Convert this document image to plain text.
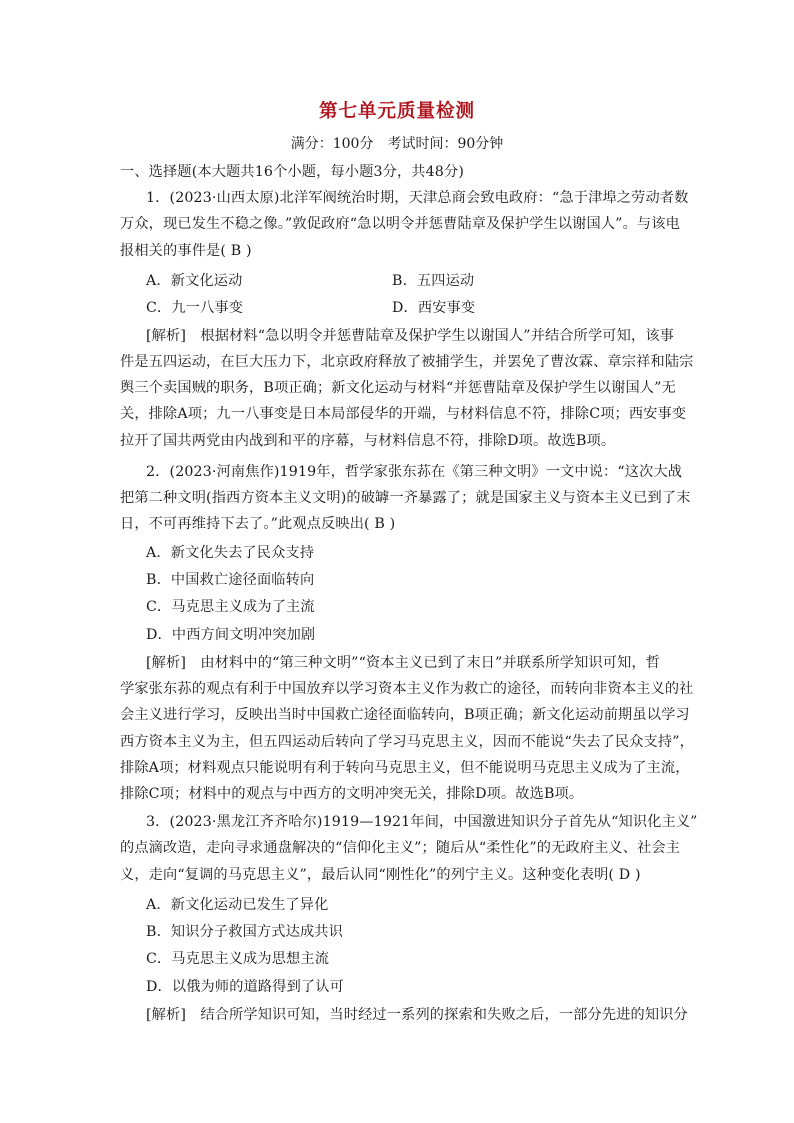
第七单元质量检测
满分：100分　考试时间：90分钟
一、选择题(本大题共16个小题，每小题3分，共48分)
1．(2023·山西太原)北洋军阀统治时期，天津总商会致电政府：“急于津埠之劳动者数
万众，现已发生不稳之像。”敦促政府“急以明令并惩曹陆章及保护学生以谢国人”。与该电
报相关的事件是( B )
A．新文化运动	B．五四运动
C．九一八事变	D．西安事变
[解析]　根据材料“急以明令并惩曹陆章及保护学生以谢国人”并结合所学可知，该事
件是五四运动，在巨大压力下，北京政府释放了被捕学生，并罢免了曹汝霖、章宗祥和陆宗
舆三个卖国贼的职务，B项正确；新文化运动与材料“并惩曹陆章及保护学生以谢国人”无
关，排除A项；九一八事变是日本局部侵华的开端，与材料信息不符，排除C项；西安事变
拉开了国共两党由内战到和平的序幕，与材料信息不符，排除D项。故选B项。
2．(2023·河南焦作)1919年，哲学家张东荪在《第三种文明》一文中说：“这次大战
把第二种文明(指西方资本主义文明)的破罅一齐暴露了；就是国家主义与资本主义已到了末
日，不可再维持下去了。”此观点反映出( B )
A．新文化失去了民众支持
B．中国救亡途径面临转向
C．马克思主义成为了主流
D．中西方间文明冲突加剧
[解析]　由材料中的“第三种文明”“资本主义已到了末日”并联系所学知识可知，哲
学家张东荪的观点有利于中国放弃以学习资本主义作为救亡的途径，而转向非资本主义的社
会主义进行学习，反映出当时中国救亡途径面临转向，B项正确；新文化运动前期虽以学习
西方资本主义为主，但五四运动后转向了学习马克思主义，因而不能说“失去了民众支持”，
排除A项；材料观点只能说明有利于转向马克思主义，但不能说明马克思主义成为了主流，
排除C项；材料中的观点与中西方的文明冲突无关，排除D项。故选B项。
3．(2023·黑龙江齐齐哈尔)1919—1921年间，中国激进知识分子首先从“知识化主义”
的点滴改造，走向寻求通盘解决的“信仰化主义”；随后从“柔性化”的无政府主义、社会主
义，走向“复调的马克思主义”，最后认同“刚性化”的列宁主义。这种变化表明( D )
A．新文化运动已发生了异化
B．知识分子救国方式达成共识
C．马克思主义成为思想主流
D．以俄为师的道路得到了认可
[解析]　结合所学知识可知，当时经过一系列的探索和失败之后，一部分先进的知识分
